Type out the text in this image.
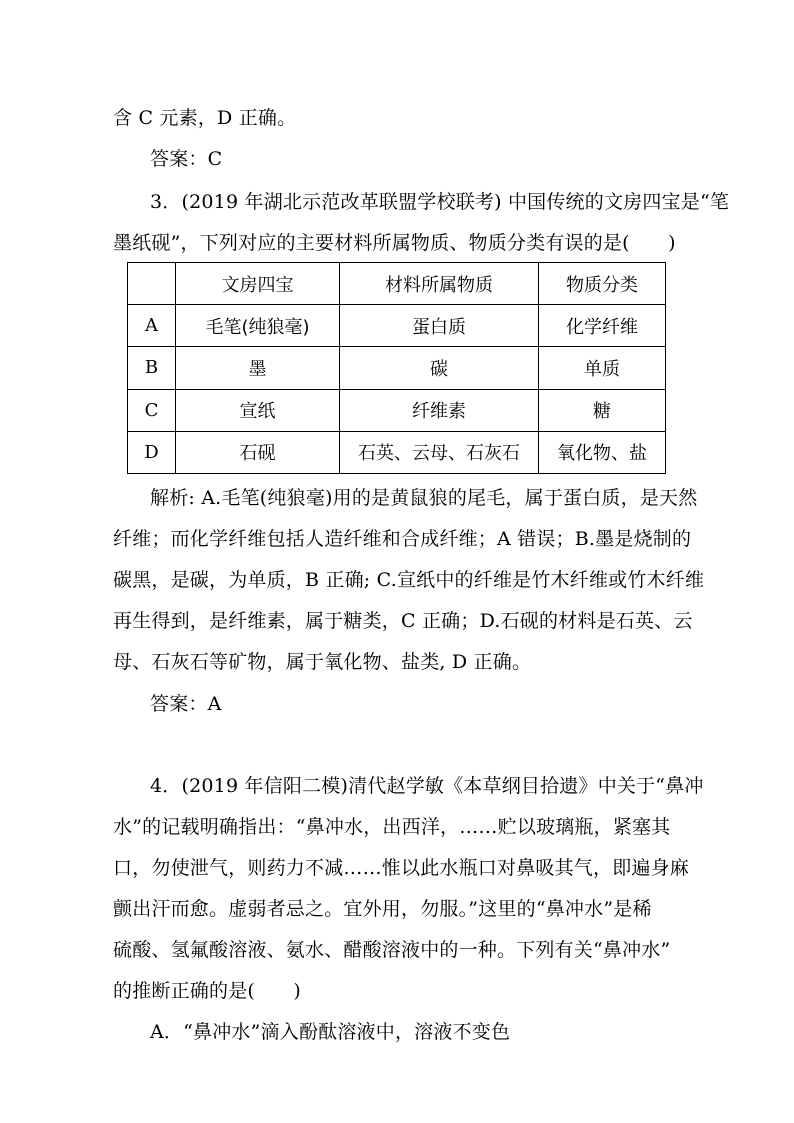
含 C 元素，D 正确。
答案：C
3．(2019 年湖北示范改革联盟学校联考) 中国传统的文房四宝是“笔
墨纸砚”，下列对应的主要材料所属物质、物质分类有误的是(　　)
	文房四宝	材料所属物质	物质分类
A	毛笔(纯狼毫)	蛋白质	化学纤维
B	墨	碳	单质
C	宣纸	纤维素	糖
D	石砚	石英、云母、石灰石	氧化物、盐
解析: A.毛笔(纯狼毫)用的是黄鼠狼的尾毛，属于蛋白质，是天然
纤维；而化学纤维包括人造纤维和合成纤维；A 错误；B.墨是烧制的
碳黑，是碳，为单质，B 正确; C.宣纸中的纤维是竹木纤维或竹木纤维
再生得到，是纤维素，属于糖类，C 正确；D.石砚的材料是石英、云
母、石灰石等矿物，属于氧化物、盐类, D 正确。
答案：A
4．(2019 年信阳二模)清代赵学敏《本草纲目拾遗》中关于“鼻冲
水”的记载明确指出：“鼻冲水，出西洋，……贮以玻璃瓶，紧塞其
口，勿使泄气，则药力不减……惟以此水瓶口对鼻吸其气，即遍身麻
颤出汗而愈。虚弱者忌之。宜外用，勿服。”这里的“鼻冲水”是稀
硫酸、氢氟酸溶液、氨水、醋酸溶液中的一种。下列有关“鼻冲水”
的推断正确的是(　　)
A．“鼻冲水”滴入酚酞溶液中，溶液不变色
